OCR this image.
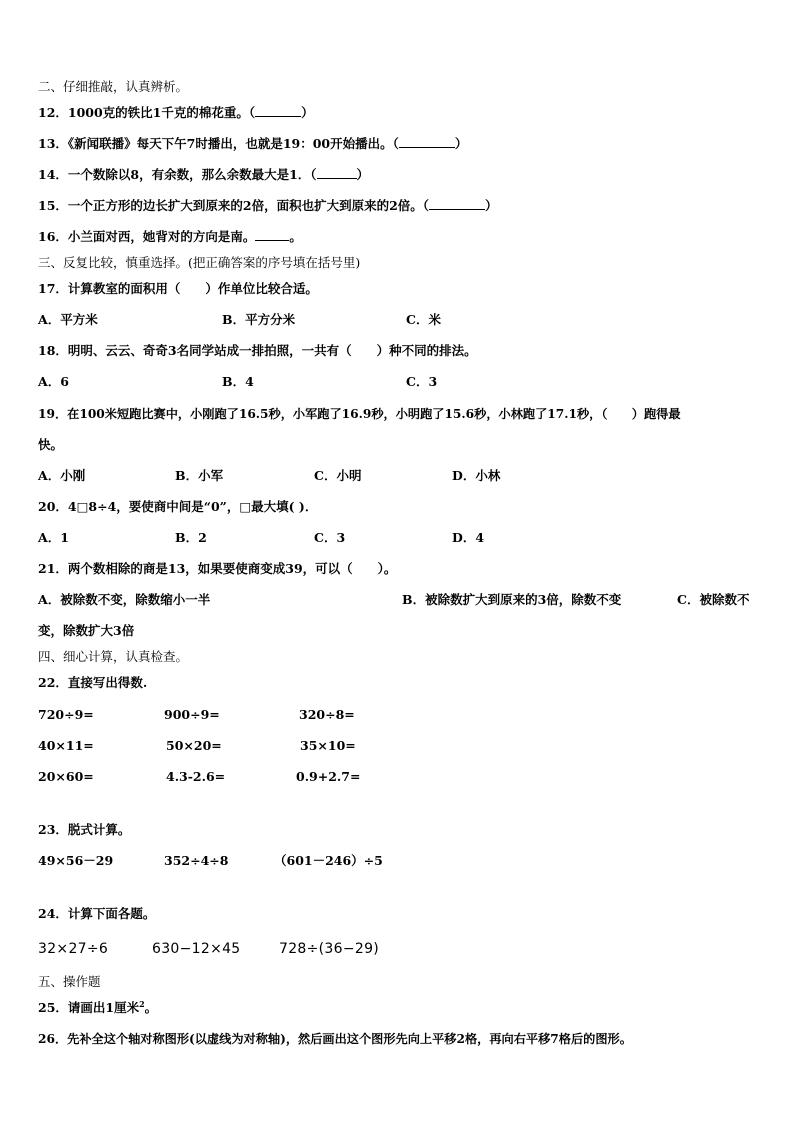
二、仔细推敲，认真辨析。
12．1000克的铁比1千克的棉花重。（	）
13．《新闻联播》每天下午7时播出，也就是19：00开始播出。（	）
14．一个数除以8，有余数，那么余数最大是1．（	）
15．一个正方形的边长扩大到原来的2倍，面积也扩大到原来的2倍。（	）
16．小兰面对西，她背对的方向是南。	。
三、反复比较，慎重选择。(把正确答案的序号填在括号里)
17．计算教室的面积用（　　）作单位比较合适。
A．平方米	B．平方分米	C．米
18．明明、云云、奇奇3名同学站成一排拍照，一共有（　　）种不同的排法。
A．6	B．4	C．3
19．在100米短跑比赛中，小刚跑了16.5秒，小军跑了16.9秒，小明跑了15.6秒，小林跑了17.1秒，（　　）跑得最
快。
A．小刚	B．小军	C．小明	D．小林
20．4□8÷4，要使商中间是“0”，□最大填( )．
A．1	B．2	C．3	D．4
21．两个数相除的商是13，如果要使商变成39，可以（　　）。
A．被除数不变，除数缩小一半	B．被除数扩大到原来的3倍，除数不变	C．被除数不
变，除数扩大3倍
四、细心计算，认真检查。
22．直接写出得数.
720÷9=	900÷9=	320÷8=
40×11=	50×20=	35×10=
20×60=	4.3-2.6=	0.9+2.7=
23．脱式计算。
49×56－29	352÷4÷8	（601－246）÷5
24．计算下面各题。
32×27÷6	630−12×45	728÷(36−29)
五、操作题
25．请画出1厘米$^2$。
26．先补全这个轴对称图形(以虚线为对称轴)，然后画出这个图形先向上平移2格，再向右平移7格后的图形。
